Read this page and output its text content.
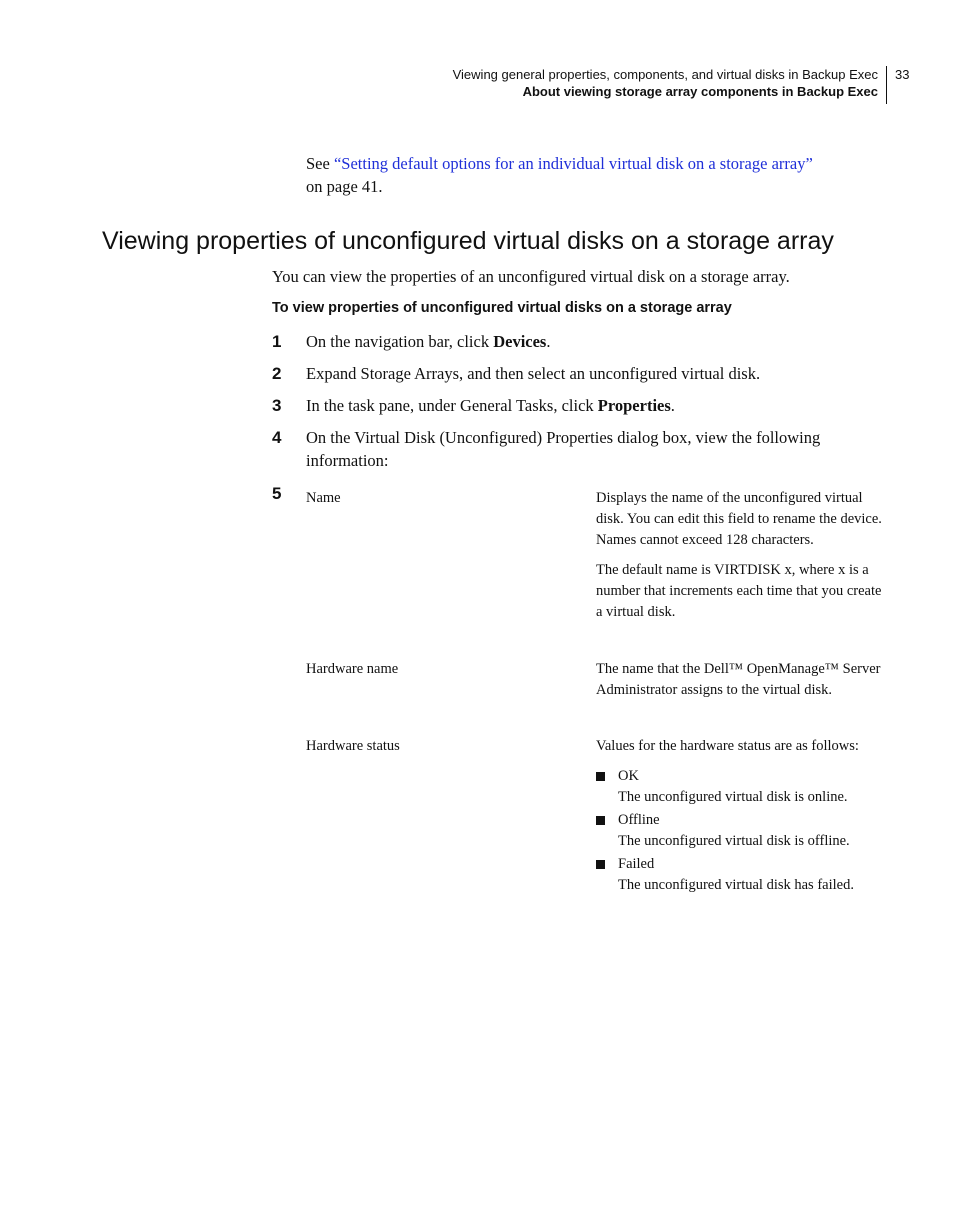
Viewing general properties, components, and virtual disks in Backup Exec
About viewing storage array components in Backup Exec
33
See “Setting default options for an individual virtual disk on a storage array”
on page 41.
Viewing properties of unconfigured virtual disks on a storage array
You can view the properties of an unconfigured virtual disk on a storage array.
To view properties of unconfigured virtual disks on a storage array
1 On the navigation bar, click Devices.
2 Expand Storage Arrays, and then select an unconfigured virtual disk.
3 In the task pane, under General Tasks, click Properties.
4 On the Virtual Disk (Unconfigured) Properties dialog box, view the following information:
5 Name	Displays the name of the unconfigured virtual disk. You can edit this field to rename the device. Names cannot exceed 128 characters.

The default name is VIRTDISK x, where x is a number that increments each time that you create a virtual disk.

Hardware name	The name that the Dell™ OpenManage™ Server Administrator assigns to the virtual disk.

Hardware status	Values for the hardware status are as follows:

OK
The unconfigured virtual disk is online.
Offline
The unconfigured virtual disk is offline.
Failed
The unconfigured virtual disk has failed.
